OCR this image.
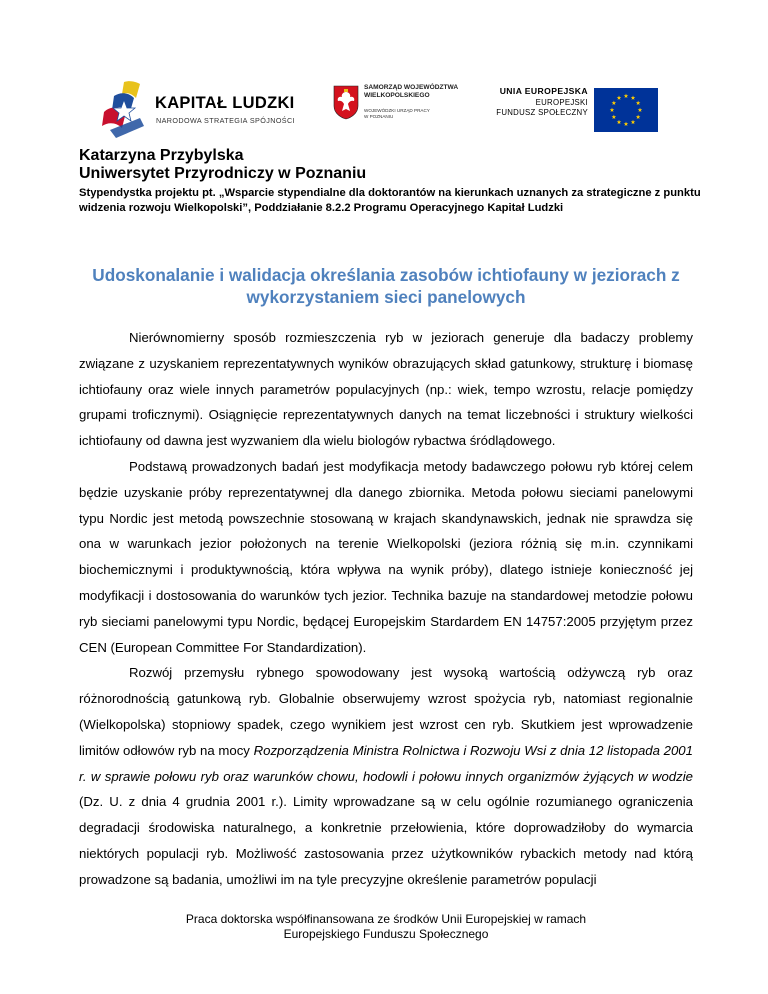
KAPITAŁ LUDZKI
NARODOWA STRATEGIA SPÓJNOŚCI
SAMORZĄD WOJEWÓDZTWA
WIELKOPOLSKIEGO
WOJEWÓDZKI URZĄD PRACY
W POZNANIU
UNIA EUROPEJSKA
EUROPEJSKI
FUNDUSZ SPOŁECZNY
Katarzyna Przybylska
Uniwersytet Przyrodniczy w Poznaniu
Stypendystka projektu pt. „Wsparcie stypendialne dla doktorantów na kierunkach uznanych za strategiczne z punktu widzenia rozwoju Wielkopolski”, Poddziałanie 8.2.2 Programu Operacyjnego Kapitał Ludzki
Udoskonalanie i walidacja określania zasobów ichtiofauny w jeziorach z wykorzystaniem sieci panelowych

Nierównomierny sposób rozmieszczenia ryb w jeziorach generuje dla badaczy problemy związane z uzyskaniem reprezentatywnych wyników obrazujących skład gatunkowy, strukturę i biomasę ichtiofauny oraz wiele innych parametrów populacyjnych (np.: wiek, tempo wzrostu, relacje pomiędzy grupami troficznymi). Osiągnięcie reprezentatywnych danych na temat liczebności i struktury wielkości ichtiofauny od dawna jest wyzwaniem dla wielu biologów rybactwa śródlądowego.

Podstawą prowadzonych badań jest modyfikacja metody badawczego połowu ryb której celem będzie uzyskanie próby reprezentatywnej dla danego zbiornika. Metoda połowu sieciami panelowymi typu Nordic jest metodą powszechnie stosowaną w krajach skandynawskich, jednak nie sprawdza się ona w warunkach jezior położonych na terenie Wielkopolski (jeziora różnią się m.in. czynnikami biochemicznymi i produktywnością, która wpływa na wynik próby), dlatego istnieje konieczność jej modyfikacji i dostosowania do warunków tych jezior. Technika bazuje na standardowej metodzie połowu ryb sieciami panelowymi typu Nordic, będącej Europejskim Stardardem EN 14757:2005 przyjętym przez CEN (European Committee For Standardization).

Rozwój przemysłu rybnego spowodowany jest wysoką wartością odżywczą ryb oraz różnorodnością gatunkową ryb. Globalnie obserwujemy wzrost spożycia ryb, natomiast regionalnie (Wielkopolska) stopniowy spadek, czego wynikiem jest wzrost cen ryb. Skutkiem jest wprowadzenie limitów odłowów ryb na mocy Rozporządzenia Ministra Rolnictwa i Rozwoju Wsi z dnia 12 listopada 2001 r. w sprawie połowu ryb oraz warunków chowu, hodowli i połowu innych organizmów żyjących w wodzie (Dz. U. z dnia 4 grudnia 2001 r.). Limity wprowadzane są w celu ogólnie rozumianego ograniczenia degradacji środowiska naturalnego, a konkretnie przełowienia, które doprowadziłoby do wymarcia niektórych populacji ryb. Możliwość zastosowania przez użytkowników rybackich metody nad którą prowadzone są badania, umożliwi im na tyle precyzyjne określenie parametrów populacji

Praca doktorska współfinansowana ze środków Unii Europejskiej w ramach
Europejskiego Funduszu Społecznego
